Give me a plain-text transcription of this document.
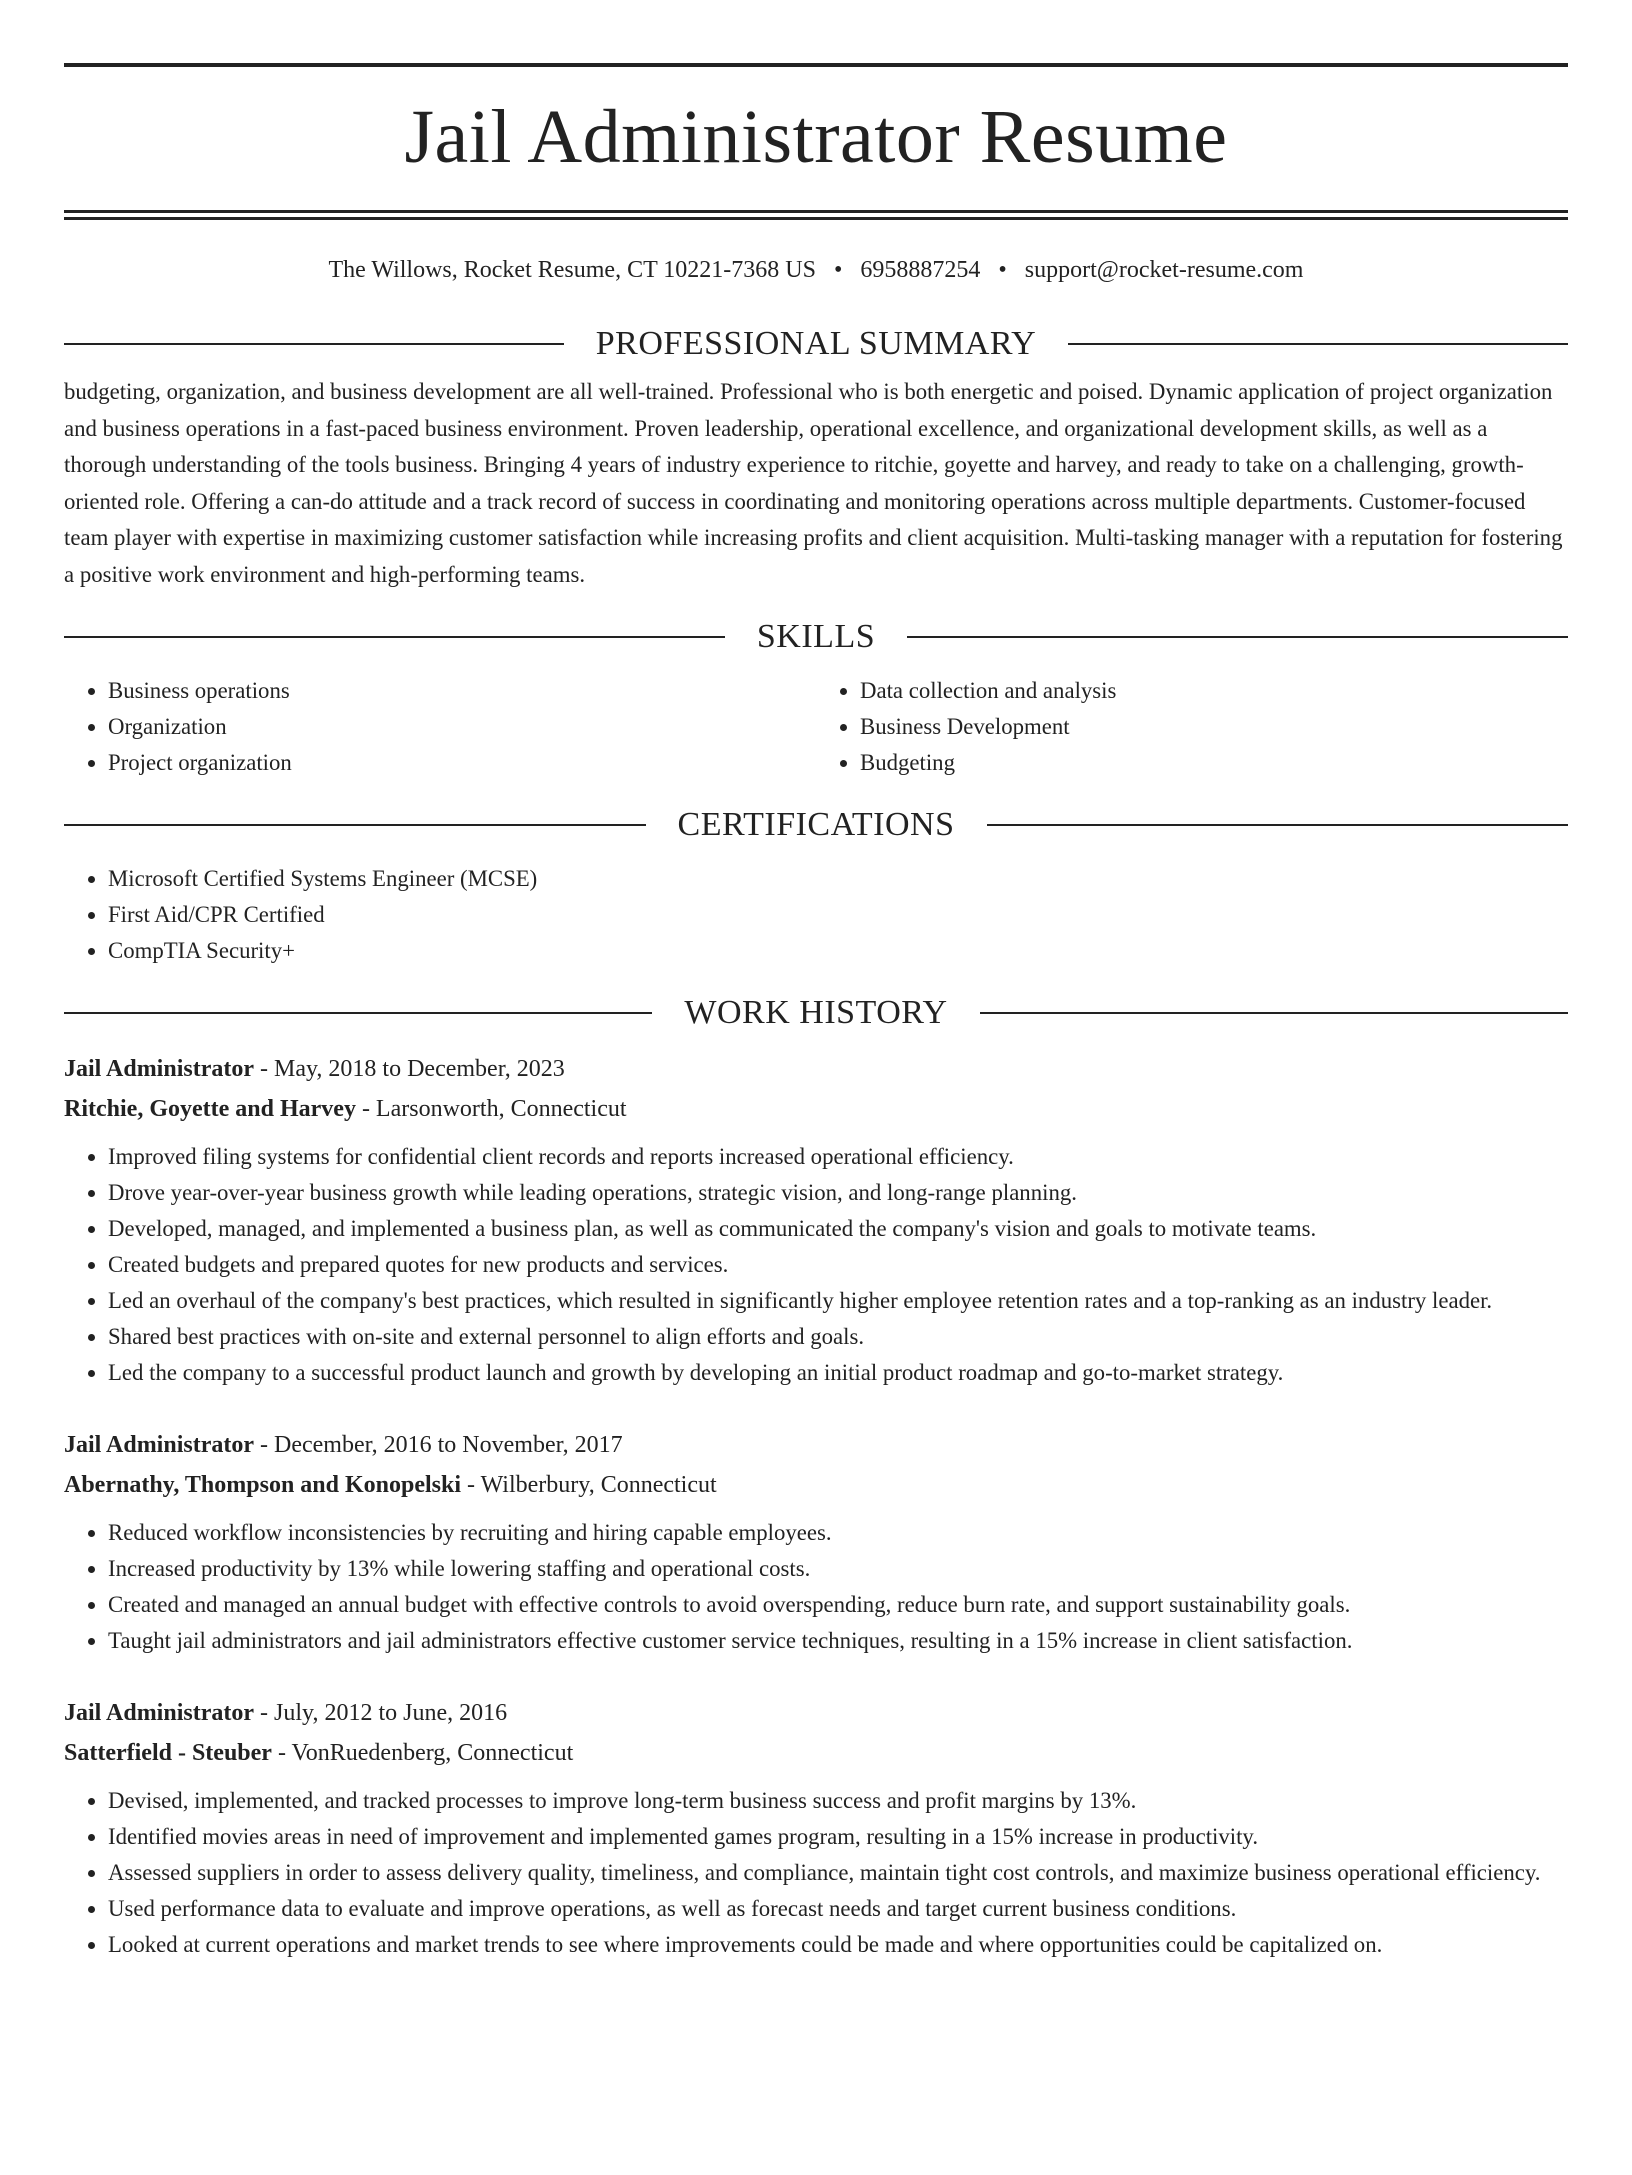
Jail Administrator Resume
The Willows, Rocket Resume, CT 10221-7368 US • 6958887254 • support@rocket-resume.com
PROFESSIONAL SUMMARY

budgeting, organization, and business development are all well-trained. Professional who is both energetic and poised. Dynamic application of project organization and business operations in a fast-paced business environment. Proven leadership, operational excellence, and organizational development skills, as well as a thorough understanding of the tools business. Bringing 4 years of industry experience to ritchie, goyette and harvey, and ready to take on a challenging, growth-oriented role. Offering a can-do attitude and a track record of success in coordinating and monitoring operations across multiple departments. Customer-focused team player with expertise in maximizing customer satisfaction while increasing profits and client acquisition. Multi-tasking manager with a reputation for fostering a positive work environment and high-performing teams.

SKILLS
• Business operations
• Organization
• Project organization
• Data collection and analysis
• Business Development
• Budgeting
CERTIFICATIONS
• Microsoft Certified Systems Engineer (MCSE)
• First Aid/CPR Certified
• CompTIA Security+
WORK HISTORY
Jail Administrator - May, 2018 to December, 2023
Ritchie, Goyette and Harvey - Larsonworth, Connecticut
• Improved filing systems for confidential client records and reports increased operational efficiency.
• Drove year-over-year business growth while leading operations, strategic vision, and long-range planning.
• Developed, managed, and implemented a business plan, as well as communicated the company's vision and goals to motivate teams.
• Created budgets and prepared quotes for new products and services.
• Led an overhaul of the company's best practices, which resulted in significantly higher employee retention rates and a top-ranking as an industry leader.
• Shared best practices with on-site and external personnel to align efforts and goals.
• Led the company to a successful product launch and growth by developing an initial product roadmap and go-to-market strategy.
Jail Administrator - December, 2016 to November, 2017
Abernathy, Thompson and Konopelski - Wilberbury, Connecticut
• Reduced workflow inconsistencies by recruiting and hiring capable employees.
• Increased productivity by 13% while lowering staffing and operational costs.
• Created and managed an annual budget with effective controls to avoid overspending, reduce burn rate, and support sustainability goals.
• Taught jail administrators and jail administrators effective customer service techniques, resulting in a 15% increase in client satisfaction.
Jail Administrator - July, 2012 to June, 2016
Satterfield - Steuber - VonRuedenberg, Connecticut
• Devised, implemented, and tracked processes to improve long-term business success and profit margins by 13%.
• Identified movies areas in need of improvement and implemented games program, resulting in a 15% increase in productivity.
• Assessed suppliers in order to assess delivery quality, timeliness, and compliance, maintain tight cost controls, and maximize business operational efficiency.
• Used performance data to evaluate and improve operations, as well as forecast needs and target current business conditions.
• Looked at current operations and market trends to see where improvements could be made and where opportunities could be capitalized on.
